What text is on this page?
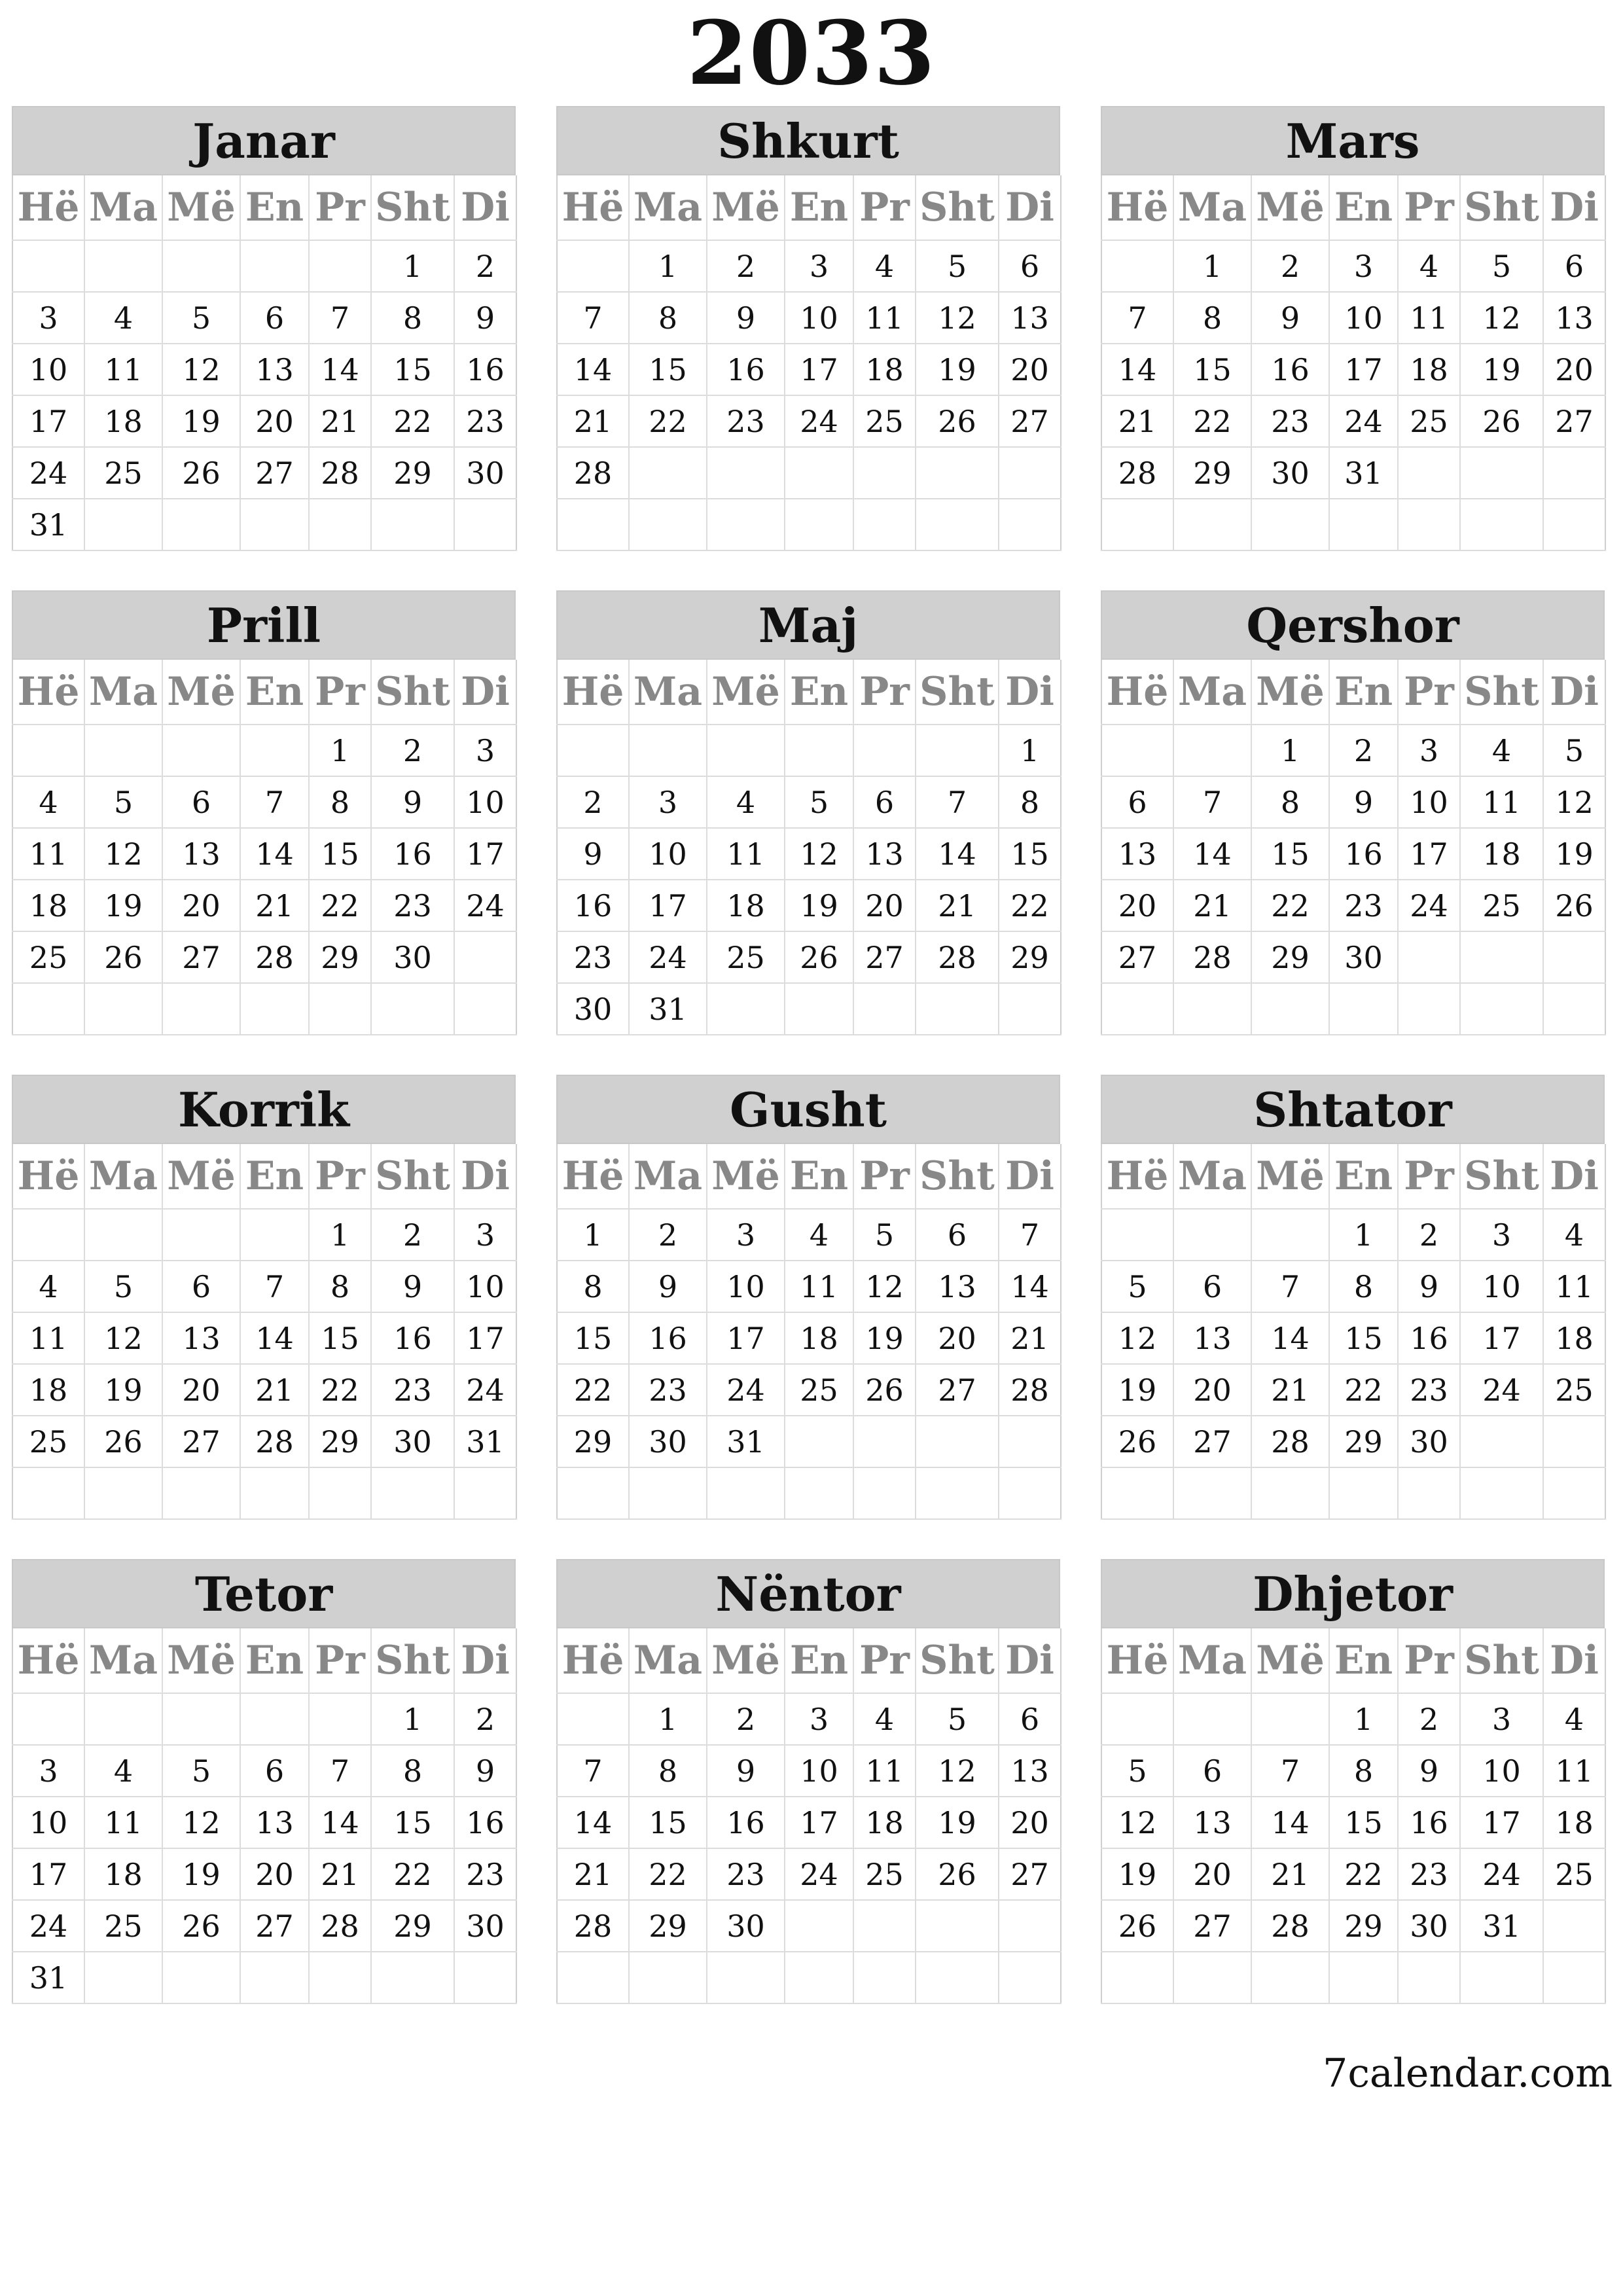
2033
Janar
Hë	Ma	Më	En	Pr	Sht	Di
					1	2
3	4	5	6	7	8	9
10	11	12	13	14	15	16
17	18	19	20	21	22	23
24	25	26	27	28	29	30
31						
Shkurt
Hë	Ma	Më	En	Pr	Sht	Di
	1	2	3	4	5	6
7	8	9	10	11	12	13
14	15	16	17	18	19	20
21	22	23	24	25	26	27
28						

Mars
Hë	Ma	Më	En	Pr	Sht	Di
	1	2	3	4	5	6
7	8	9	10	11	12	13
14	15	16	17	18	19	20
21	22	23	24	25	26	27
28	29	30	31			

Prill
Hë	Ma	Më	En	Pr	Sht	Di
				1	2	3
4	5	6	7	8	9	10
11	12	13	14	15	16	17
18	19	20	21	22	23	24
25	26	27	28	29	30	

Maj
Hë	Ma	Më	En	Pr	Sht	Di
						1
2	3	4	5	6	7	8
9	10	11	12	13	14	15
16	17	18	19	20	21	22
23	24	25	26	27	28	29
30	31					
Qershor
Hë	Ma	Më	En	Pr	Sht	Di
		1	2	3	4	5
6	7	8	9	10	11	12
13	14	15	16	17	18	19
20	21	22	23	24	25	26
27	28	29	30			

Korrik
Hë	Ma	Më	En	Pr	Sht	Di
				1	2	3
4	5	6	7	8	9	10
11	12	13	14	15	16	17
18	19	20	21	22	23	24
25	26	27	28	29	30	31

Gusht
Hë	Ma	Më	En	Pr	Sht	Di
1	2	3	4	5	6	7
8	9	10	11	12	13	14
15	16	17	18	19	20	21
22	23	24	25	26	27	28
29	30	31				

Shtator
Hë	Ma	Më	En	Pr	Sht	Di
			1	2	3	4
5	6	7	8	9	10	11
12	13	14	15	16	17	18
19	20	21	22	23	24	25
26	27	28	29	30		

Tetor
Hë	Ma	Më	En	Pr	Sht	Di
					1	2
3	4	5	6	7	8	9
10	11	12	13	14	15	16
17	18	19	20	21	22	23
24	25	26	27	28	29	30
31						
Nëntor
Hë	Ma	Më	En	Pr	Sht	Di
	1	2	3	4	5	6
7	8	9	10	11	12	13
14	15	16	17	18	19	20
21	22	23	24	25	26	27
28	29	30				

Dhjetor
Hë	Ma	Më	En	Pr	Sht	Di
			1	2	3	4
5	6	7	8	9	10	11
12	13	14	15	16	17	18
19	20	21	22	23	24	25
26	27	28	29	30	31	

7calendar.com
